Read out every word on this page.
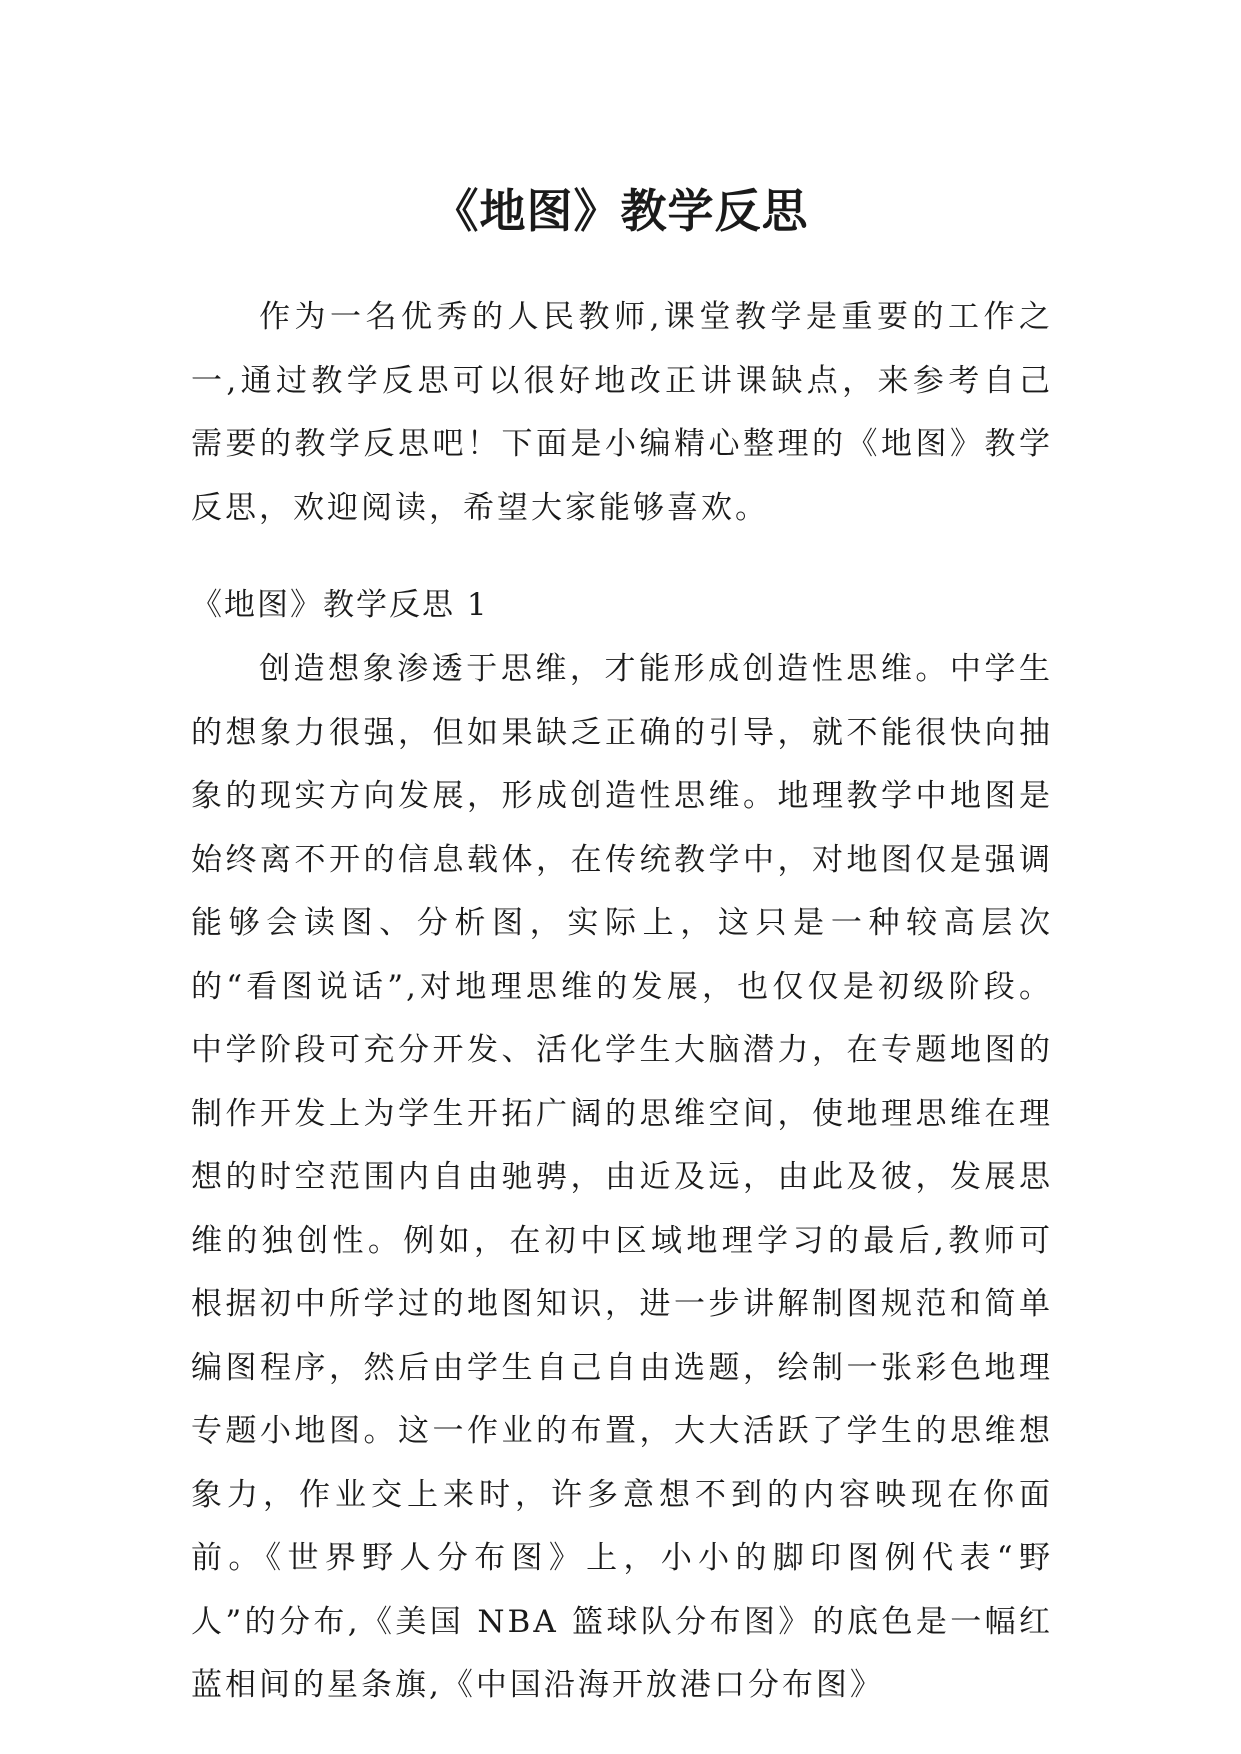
《地图》教学反思

作为一名优秀的人民教师,课堂教学是重要的工作之一,通过教学反思可以很好地改正讲课缺点，来参考自己需要的教学反思吧！下面是小编精心整理的《地图》教学反思，欢迎阅读，希望大家能够喜欢。

《地图》教学反思 1

创造想象渗透于思维，才能形成创造性思维。中学生的想象力很强，但如果缺乏正确的引导，就不能很快向抽象的现实方向发展，形成创造性思维。地理教学中地图是始终离不开的信息载体，在传统教学中，对地图仅是强调能够会读图、分析图，实际上，这只是一种较高层次的“看图说话”,对地理思维的发展，也仅仅是初级阶段。中学阶段可充分开发、活化学生大脑潜力，在专题地图的制作开发上为学生开拓广阔的思维空间，使地理思维在理想的时空范围内自由驰骋，由近及远，由此及彼，发展思维的独创性。例如，在初中区域地理学习的最后,教师可根据初中所学过的地图知识，进一步讲解制图规范和简单编图程序，然后由学生自己自由选题，绘制一张彩色地理专题小地图。这一作业的布置，大大活跃了学生的思维想象力，作业交上来时，许多意想不到的内容映现在你面前。《世界野人分布图》上，小小的脚印图例代表“野人”的分布,《美国 NBA 篮球队分布图》的底色是一幅红蓝相间的星条旗,《中国沿海开放港口分布图》
